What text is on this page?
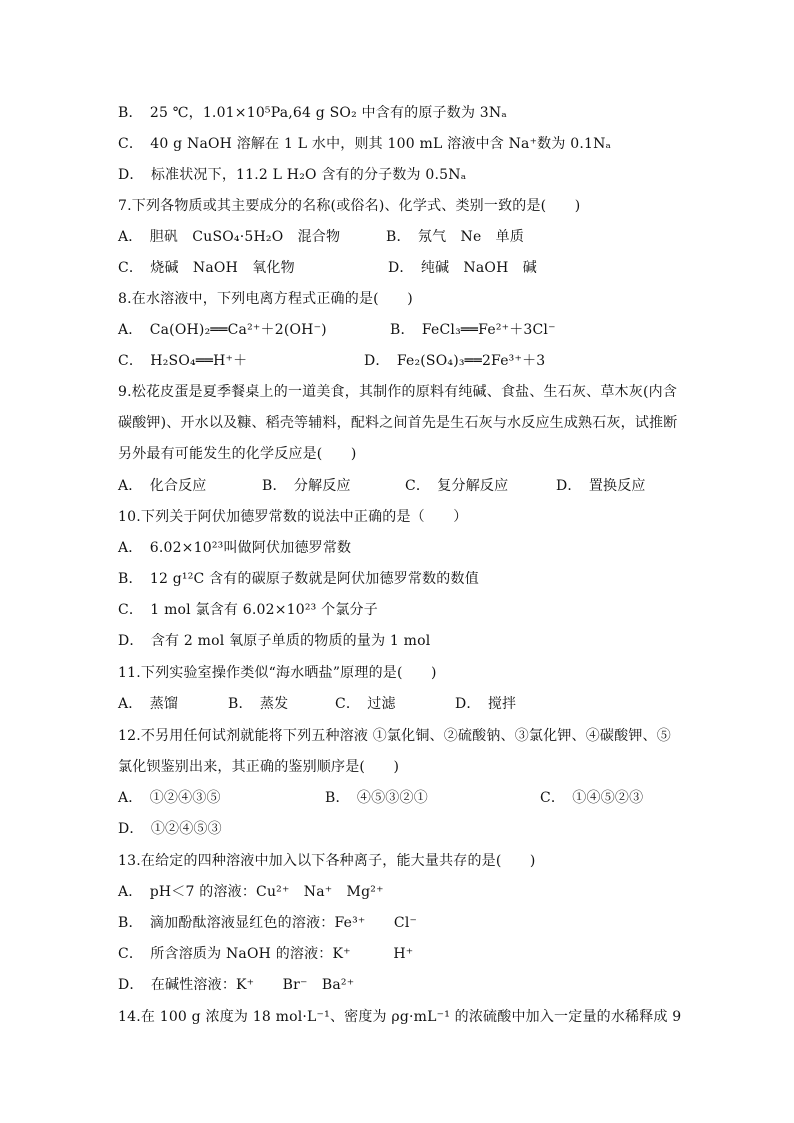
B．　25 ℃，1.01×10⁵Pa,64 g SO₂ 中含有的原子数为 3Nₐ
C．　40 g NaOH 溶解在 1 L 水中，则其 100 mL 溶液中含 Na⁺数为 0.1Nₐ
D．　标准状况下，11.2 L H₂O 含有的分子数为 0.5Nₐ
7.下列各物质或其主要成分的名称(或俗名)、化学式、类别一致的是(　　)
A．　胆矾　CuSO₄·5H₂O　混合物	B．　氖气　Ne　单质
C．　烧碱　NaOH　氧化物	D．　纯碱　NaOH　碱
8.在水溶液中，下列电离方程式正确的是(　　)
A．　Ca(OH)₂══Ca²⁺＋2(OH⁻)	B．　FeCl₃══Fe²⁺＋3Cl⁻
C．　H₂SO₄══H⁺＋	D．　Fe₂(SO₄)₃══2Fe³⁺＋3
9.松花皮蛋是夏季餐桌上的一道美食，其制作的原料有纯碱、食盐、生石灰、草木灰(内含
碳酸钾)、开水以及糠、稻壳等辅料，配料之间首先是生石灰与水反应生成熟石灰，试推断
另外最有可能发生的化学反应是(　　)
A．　化合反应	B．　分解反应	C．　复分解反应	D．　置换反应
10.下列关于阿伏加德罗常数的说法中正确的是（　　）
A．　6.02×10²³叫做阿伏加德罗常数
B．　12 g¹²C 含有的碳原子数就是阿伏加德罗常数的数值
C．　1 mol 氯含有 6.02×10²³ 个氯分子
D．　含有 2 mol 氧原子单质的物质的量为 1 mol
11.下列实验室操作类似“海水晒盐”原理的是(　　)
A．　蒸馏	B．　蒸发	C．　过滤	D．　搅拌
12.不另用任何试剂就能将下列五种溶液 ①氯化铜、②硫酸钠、③氯化钾、④碳酸钾、⑤
氯化钡鉴别出来，其正确的鉴别顺序是(　　)
A．　①②④③⑤	B．　④⑤③②①	C．　①④⑤②③
D．　①②④⑤③
13.在给定的四种溶液中加入以下各种离子，能大量共存的是(　　)
A．　pH＜7 的溶液：Cu²⁺　Na⁺　Mg²⁺
B．　滴加酚酞溶液显红色的溶液：Fe³⁺　　Cl⁻
C．　所含溶质为 NaOH 的溶液：K⁺　　　H⁺
D．　在碱性溶液：K⁺　　Br⁻　Ba²⁺
14.在 100 g 浓度为 18 mol·L⁻¹、密度为 ρg·mL⁻¹ 的浓硫酸中加入一定量的水稀释成 9
